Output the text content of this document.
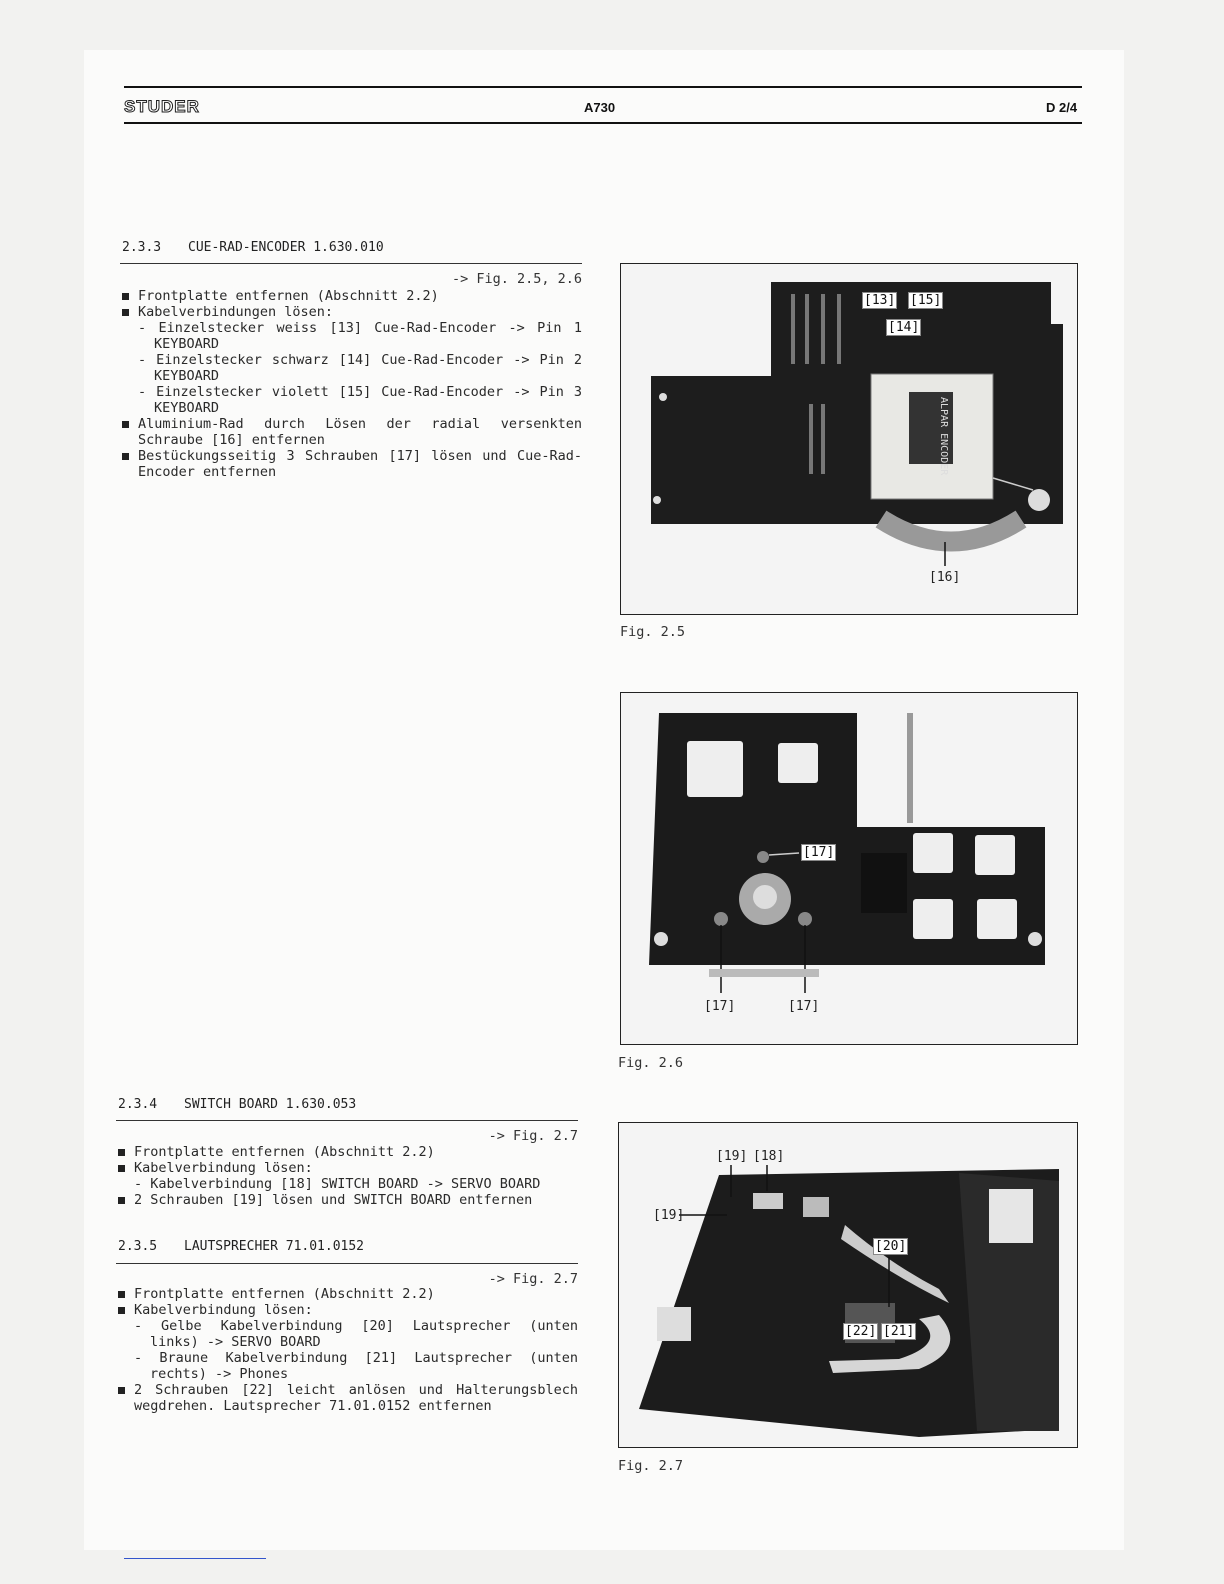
STUDER	A730	D 2/4
2.3.3 CUE-RAD-ENCODER 1.630.010
-> Fig. 2.5, 2.6
Frontplatte entfernen (Abschnitt 2.2)
Kabelverbindungen lösen:
- Einzelstecker weiss [13] Cue-Rad-Encoder -> Pin 1 KEYBOARD
- Einzelstecker schwarz [14] Cue-Rad-Encoder -> Pin 2 KEYBOARD
- Einzelstecker violett [15] Cue-Rad-Encoder -> Pin 3 KEYBOARD
Aluminium-Rad durch Lösen der radial versenkten Schraube [16] entfernen
Bestückungsseitig 3 Schrauben [17] lösen und Cue-Rad-Encoder entfernen	ALPAR ENCODER
[13] [15]
[14]
[16]
Fig. 2.5
[17]
[17]	[17]
Fig. 2.6
2.3.4 SWITCH BOARD 1.630.053
-> Fig. 2.7
Frontplatte entfernen (Abschnitt 2.2)
Kabelverbindung lösen:
- Kabelverbindung [18] SWITCH BOARD -> SERVO BOARD
2 Schrauben [19] lösen und SWITCH BOARD entfernen
2.3.5 LAUTSPRECHER 71.01.0152
-> Fig. 2.7
Frontplatte entfernen (Abschnitt 2.2)
Kabelverbindung lösen:
- Gelbe Kabelverbindung [20] Lautsprecher (unten links) -> SERVO BOARD
- Braune Kabelverbindung [21] Lautsprecher (unten rechts) -> Phones
2 Schrauben [22] leicht anlösen und Halterungsblech wegdrehen. Lautsprecher 71.01.0152 entfernen
[19] [18]
[19]
[20]
[22] [21]
Fig. 2.7
